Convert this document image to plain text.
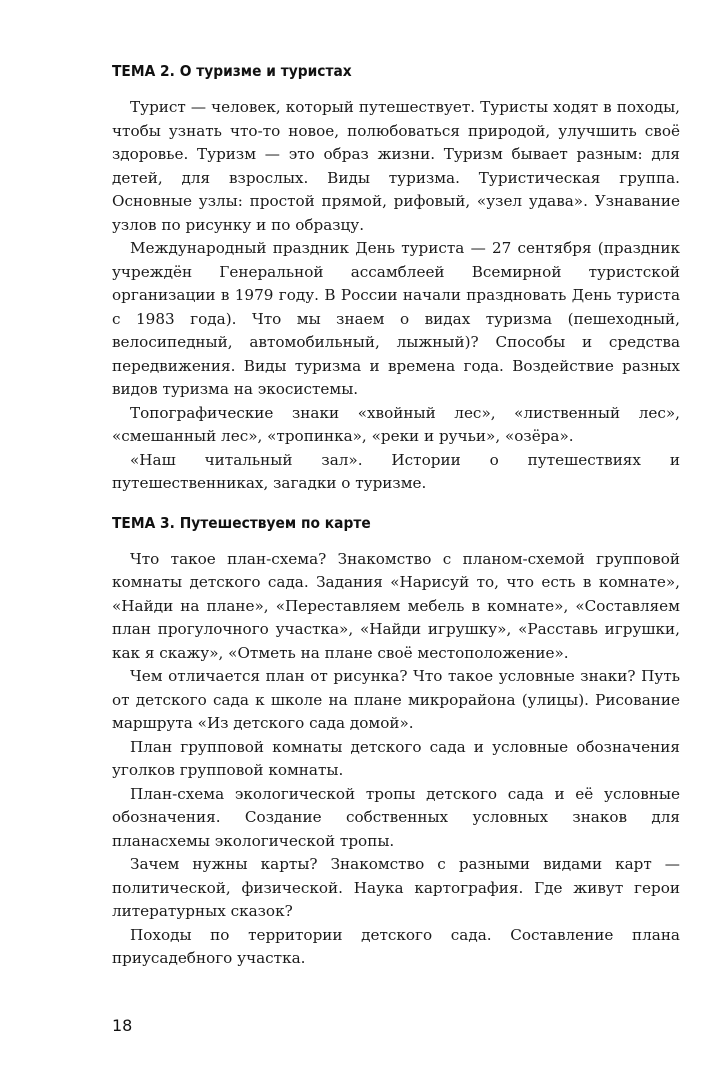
ТЕМА 2. О туризме и туристах

Турист — человек, который путешествует. Туристы ходят в походы, чтобы узнать что-то новое, полюбоваться природой, улучшить своё здоровье. Туризм — это образ жизни. Туризм бывает разным: для детей, для взрослых. Виды туризма. Туристическая группа. Основные узлы: простой прямой, рифовый, «узел удава». Узнавание узлов по рисунку и по образцу.

Международный праздник День туриста — 27 сентября (праздник учреждён Генеральной ассамблеей Всемирной туристской организации в 1979 году. В России начали праздновать День туриста с 1983 года). Что мы знаем о видах туризма (пешеходный, велосипедный, автомобильный, лыжный)? Способы и средства передвижения. Виды туризма и времена года. Воздействие разных видов туризма на экосистемы.

Топографические знаки «хвойный лес», «лиственный лес», «смешанный лес», «тропинка», «реки и ручьи», «озёра».

«Наш читальный зал». Истории о путешествиях и путешественниках, загадки о туризме.

ТЕМА 3. Путешествуем по карте

Что такое план-схема? Знакомство с планом-схемой групповой комнаты детского сада. Задания «Нарисуй то, что есть в комнате», «Найди на плане», «Переставляем мебель в комнате», «Составляем план прогулочного участка», «Найди игрушку», «Расставь игрушки, как я скажу», «Отметь на плане своё местоположение».

Чем отличается план от рисунка? Что такое условные знаки? Путь от детского сада к школе на плане микрорайона (улицы). Рисование маршрута «Из детского сада домой».

План групповой комнаты детского сада и условные обозначения уголков групповой комнаты.

План-схема экологической тропы детского сада и её условные обозначения. Создание собственных условных знаков для планасхемы экологической тропы.

Зачем нужны карты? Знакомство с разными видами карт — политической, физической. Наука картография. Где живут герои литературных сказок?

Походы по территории детского сада. Составление плана приусадебного участка.

18
